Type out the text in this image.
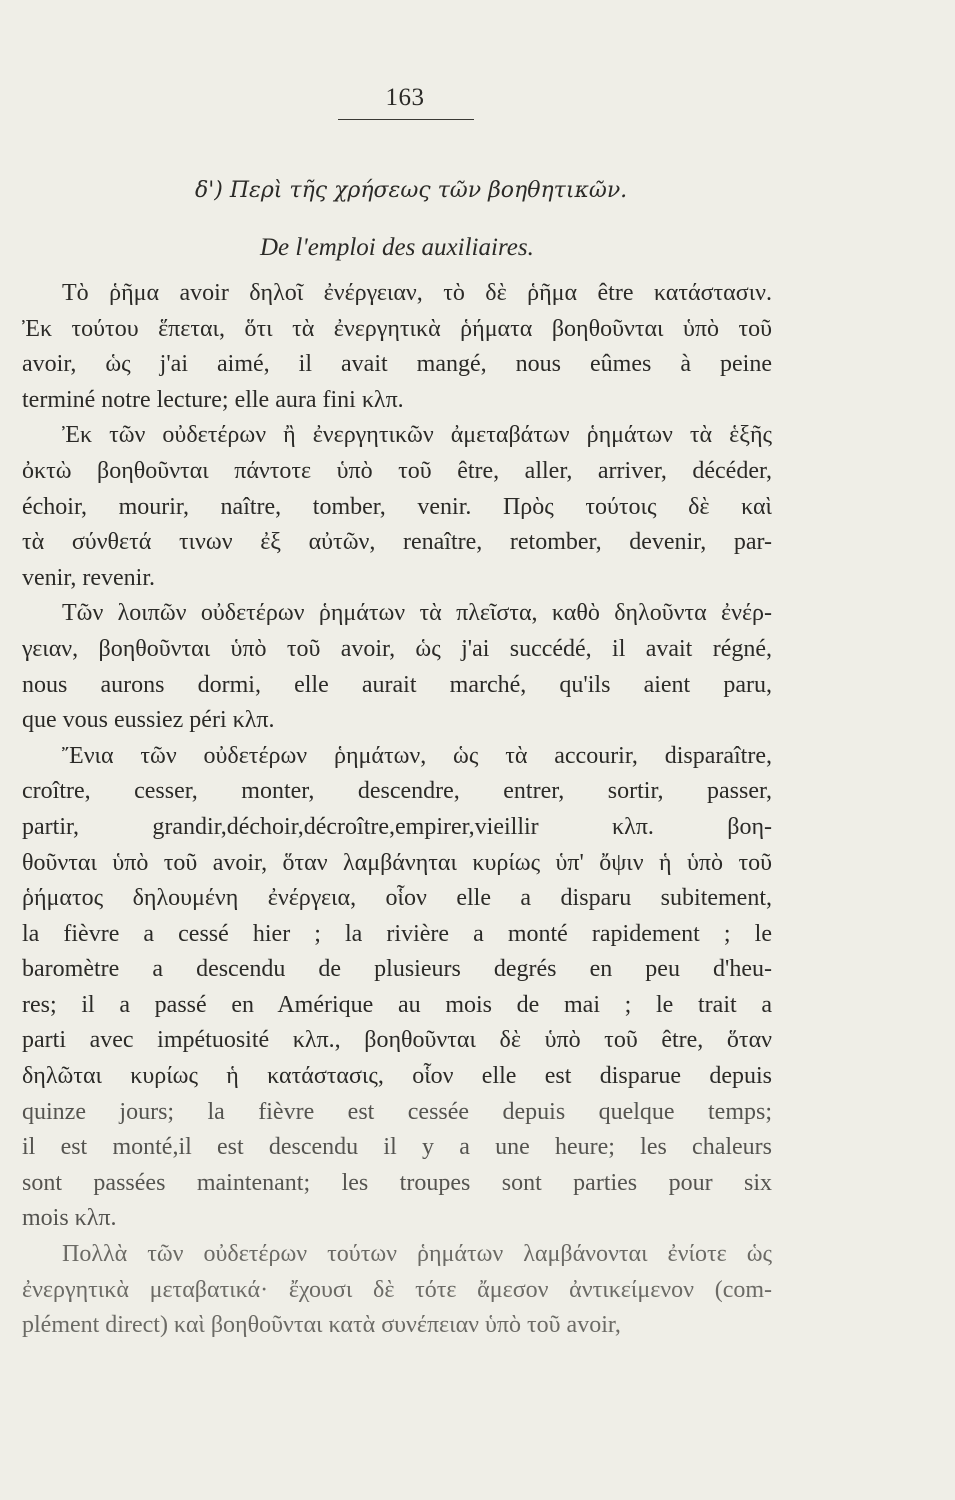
163
δ') Περὶ τῆς χρήσεως τῶν βοηθητικῶν.
De l'emploi des auxiliaires.
Τὸ ῥῆμα avoir δηλοῖ ἐνέργειαν, τὸ δὲ ῥῆμα être κατάστασιν.
Ἐκ τούτου ἕπεται, ὅτι τὰ ἐνεργητικὰ ῥήματα βοηθοῦνται ὑπὸ τοῦ
avoir, ὡς j'ai aimé, il avait mangé, nous eûmes à peine
terminé notre lecture; elle aura fini κλπ.
Ἐκ τῶν οὐδετέρων ἢ ἐνεργητικῶν ἀμεταβάτων ῥημάτων τὰ ἑξῆς
ὀκτὼ βοηθοῦνται πάντοτε ὑπὸ τοῦ être, aller, arriver, décéder,
échoir, mourir, naître, tomber, venir. Πρὸς τούτοις δὲ καὶ
τὰ σύνθετά τινων ἐξ αὐτῶν, renaître, retomber, devenir, par-
venir, revenir.
Τῶν λοιπῶν οὐδετέρων ῥημάτων τὰ πλεῖστα, καθὸ δηλοῦντα ἐνέρ-
γειαν, βοηθοῦνται ὑπὸ τοῦ avoir, ὡς j'ai succédé, il avait régné,
nous aurons dormi, elle aurait marché, qu'ils aient paru,
que vous eussiez péri κλπ.
Ἔνια τῶν οὐδετέρων ῥημάτων, ὡς τὰ accourir, disparaître,
croître, cesser, monter, descendre, entrer, sortir, passer,
partir, grandir,déchoir,décroître,empirer,vieillir κλπ. βοη-
θοῦνται ὑπὸ τοῦ avoir, ὅταν λαμβάνηται κυρίως ὑπ' ὄψιν ἡ ὑπὸ τοῦ
ῥήματος δηλουμένη ἐνέργεια, οἷον elle a disparu subitement,
la fièvre a cessé hier ; la rivière a monté rapidement ; le
baromètre a descendu de plusieurs degrés en peu d'heu-
res; il a passé en Amérique au mois de mai ; le trait a
parti avec impétuosité κλπ., βοηθοῦνται δὲ ὑπὸ τοῦ être, ὅταν
δηλῶται κυρίως ἡ κατάστασις, οἷον elle est disparue depuis
quinze jours; la fièvre est cessée depuis quelque temps;
il est monté,il est descendu il y a une heure; les chaleurs
sont passées maintenant; les troupes sont parties pour six
mois κλπ.
Πολλὰ τῶν οὐδετέρων τούτων ῥημάτων λαμβάνονται ἐνίοτε ὡς
ἐνεργητικὰ μεταβατικά· ἔχουσι δὲ τότε ἄμεσον ἀντικείμενον (com-
plément direct) καὶ βοηθοῦνται κατὰ συνέπειαν ὑπὸ τοῦ avoir,
